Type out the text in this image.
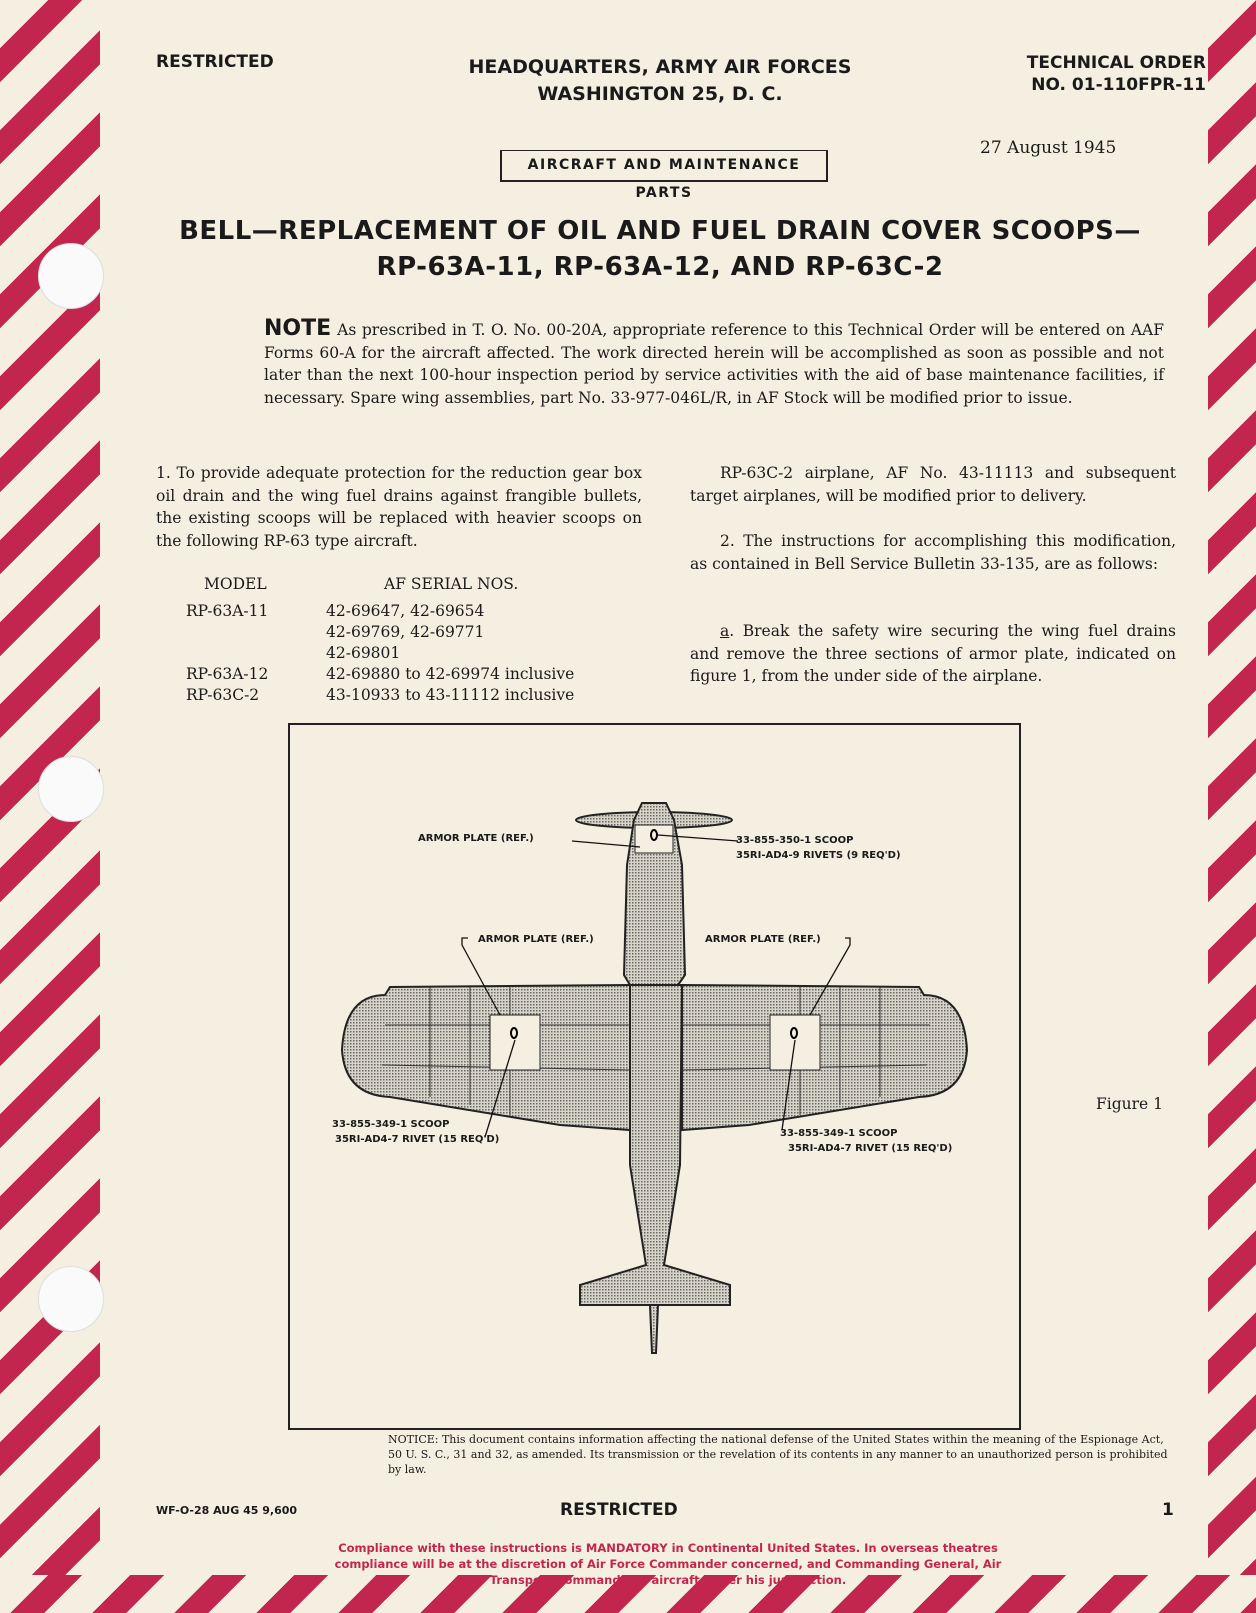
RESTRICTED	HEADQUARTERS, ARMY AIR FORCES
WASHINGTON 25, D. C.
TECHNICAL ORDER
NO. 01-110FPR-11
27 August 1945
AIRCRAFT AND MAINTENANCE PARTS
BELL—REPLACEMENT OF OIL AND FUEL DRAIN COVER SCOOPS—
RP-63A-11, RP-63A-12, AND RP-63C-2
NOTE As prescribed in T. O. No. 00-20A, appropriate reference to this Technical Order will be entered on AAF Forms 60-A for the aircraft affected. The work directed herein will be accomplished as soon as possible and not later than the next 100-hour inspection period by service activities with the aid of base maintenance facilities, if necessary. Spare wing assemblies, part No. 33-977-046L/R, in AF Stock will be modified prior to issue.
1. To provide adequate protection for the reduction gear box oil drain and the wing fuel drains against frangible bullets, the existing scoops will be replaced with heavier scoops on the following RP-63 type aircraft.
MODEL	AF SERIAL NOS.
RP-63A-11	42-69647, 42-69654
	42-69769, 42-69771
	42-69801
RP-63A-12	42-69880 to 42-69974 inclusive
RP-63C-2	43-10933 to 43-11112 inclusive
RP-63C-2 airplane, AF No. 43-11113 and subsequent target airplanes, will be modified prior to delivery.
2. The instructions for accomplishing this modification, as contained in Bell Service Bulletin 33-135, are as follows:
a. Break the safety wire securing the wing fuel drains and remove the three sections of armor plate, indicated on figure 1, from the under side of the airplane.
ARMOR PLATE (REF.)	33-855-350-1 SCOOP
35RI-AD4-9 RIVETS (9 REQ'D)
ARMOR PLATE (REF.)	ARMOR PLATE (REF.)
33-855-349-1 SCOOP
35RI-AD4-7 RIVET (15 REQ'D)
33-855-349-1 SCOOP
35RI-AD4-7 RIVET (15 REQ'D)
Figure 1
NOTICE: This document contains information affecting the national defense of the United States within the meaning of the Espionage Act, 50 U. S. C., 31 and 32, as amended. Its transmission or the revelation of its contents in any manner to an unauthorized person is prohibited by law.
WF-O-28 AUG 45 9,600	RESTRICTED	1
Compliance with these instructions is MANDATORY in Continental United States. In overseas theatres compliance will be at the discretion of Air Force Commander concerned, and Commanding General, Air Transport Command, for aircraft under his jurisdiction.
